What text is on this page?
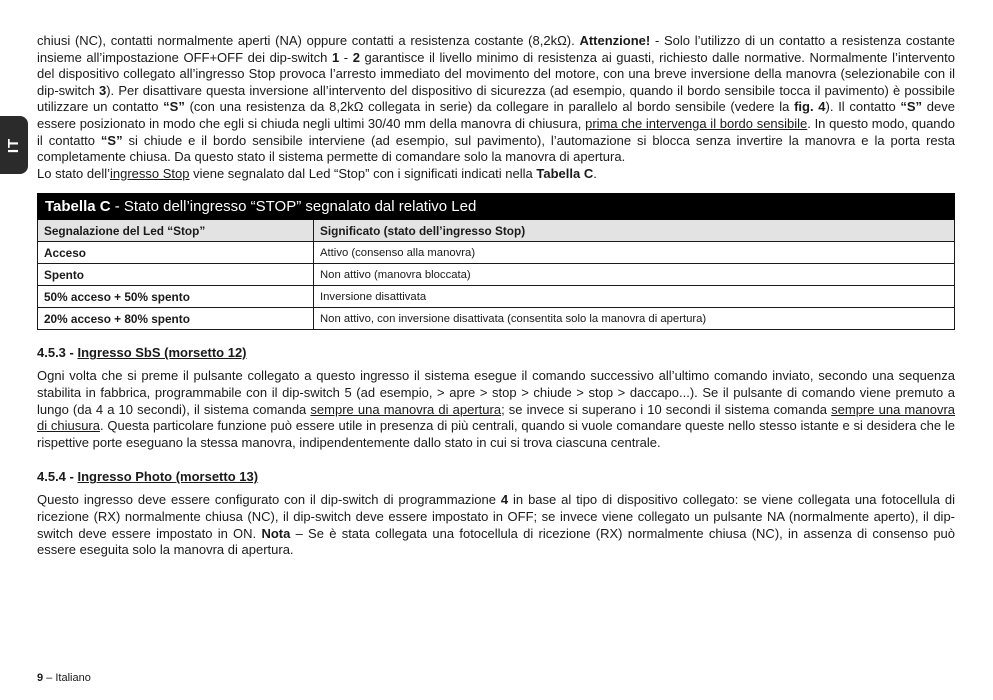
IT

chiusi (NC), contatti normalmente aperti (NA) oppure contatti a resistenza costante (8,2kΩ). Attenzione! - Solo l’utilizzo di un contatto a resistenza costante insieme all’impostazione OFF+OFF dei dip-switch 1 - 2 garantisce il livello minimo di resistenza ai guasti, richiesto dalle normative. Normalmente l’intervento del dispositivo collegato all’ingresso Stop provoca l’arresto immediato del movimento del motore, con una breve inversione della manovra (selezionabile con il dip-switch 3). Per disattivare questa inversione all’intervento del dispositivo di sicurezza (ad esempio, quando il bordo sensibile tocca il pavimento) è possibile utilizzare un contatto “S” (con una resistenza da 8,2kΩ collegata in serie) da collegare in parallelo al bordo sensibile (vedere la fig. 4). Il contatto “S” deve essere posizionato in modo che egli si chiuda negli ultimi 30/40 mm della manovra di chiusura, prima che intervenga il bordo sensibile. In questo modo, quando il contatto “S” si chiude e il bordo sensibile interviene (ad esempio, sul pavimento), l’automazione si blocca senza invertire la manovra e la porta resta completamente chiusa. Da questo stato il sistema permette di comandare solo la manovra di apertura.

Lo stato dell’ingresso Stop viene segnalato dal Led “Stop” con i significati indicati nella Tabella C.

Tabella C - Stato dell’ingresso “STOP” segnalato dal relativo Led	
Segnalazione del Led “Stop”	Significato (stato dell’ingresso Stop)
Acceso	Attivo (consenso alla manovra)
Spento	Non attivo (manovra bloccata)
50% acceso + 50% spento	Inversione disattivata
20% acceso + 80% spento	Non attivo, con inversione disattivata (consentita solo la manovra di apertura)
4.5.3 - Ingresso SbS (morsetto 12)

Ogni volta che si preme il pulsante collegato a questo ingresso il sistema esegue il comando successivo all’ultimo comando inviato, secondo una sequenza stabilita in fabbrica, programmabile con il dip-switch 5 (ad esempio, > apre > stop > chiude > stop > daccapo...). Se il pulsante di comando viene premuto a lungo (da 4 a 10 secondi), il sistema comanda sempre una manovra di apertura; se invece si superano i 10 secondi il sistema comanda sempre una manovra di chiusura. Questa particolare funzione può essere utile in presenza di più centrali, quando si vuole comandare queste nello stesso istante e si desidera che le rispettive porte eseguano la stessa manovra, indipendentemente dallo stato in cui si trova ciascuna centrale.

4.5.4 - Ingresso Photo (morsetto 13)

Questo ingresso deve essere configurato con il dip-switch di programmazione 4 in base al tipo di dispositivo collegato: se viene collegata una fotocellula di ricezione (RX) normalmente chiusa (NC), il dip-switch deve essere impostato in OFF; se invece viene collegato un pulsante NA (normalmente aperto), il dip-switch deve essere impostato in ON. Nota – Se è stata collegata una fotocellula di ricezione (RX) normalmente chiusa (NC), in assenza di consenso può essere eseguita solo la manovra di apertura.

9 – Italiano
